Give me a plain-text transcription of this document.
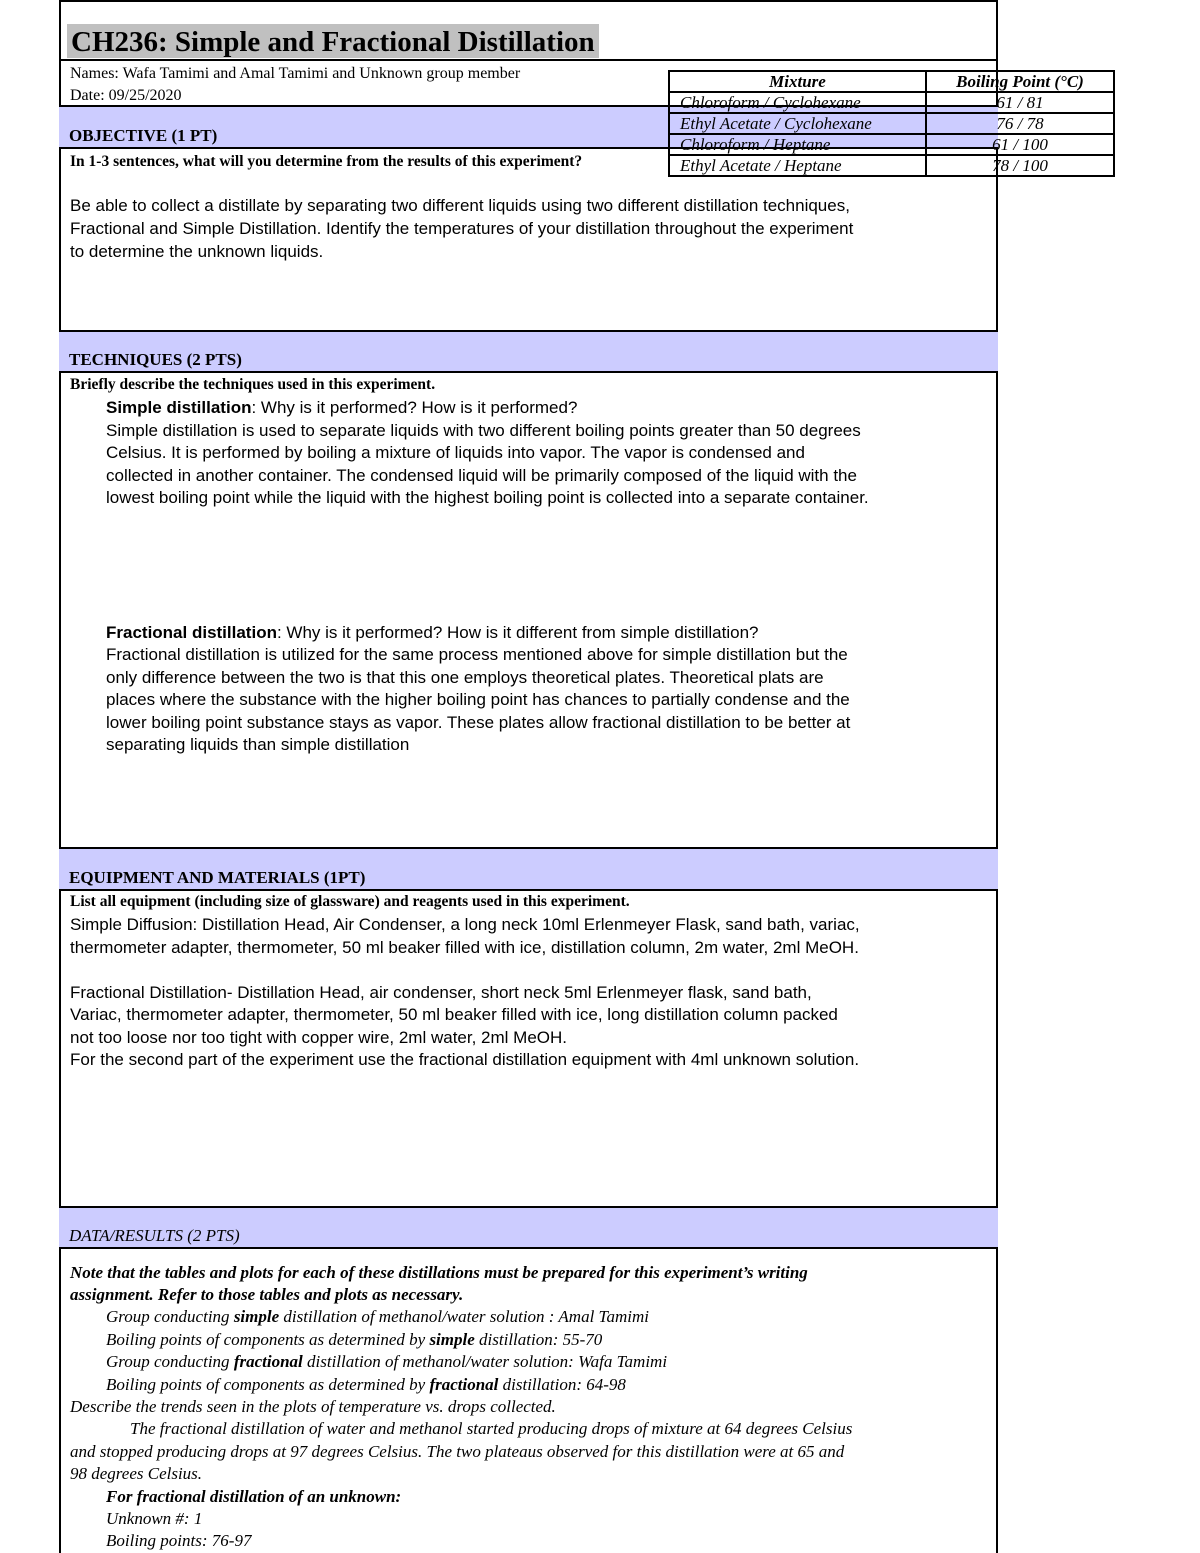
CH236: Simple and Fractional Distillation
Names: Wafa Tamimi and Amal Tamimi and Unknown group member
Date: 09/25/2020
OBJECTIVE (1 PT)
In 1-3 sentences, what will you determine from the results of this experiment?
Be able to collect a distillate by separating two different liquids using two different distillation techniques,
Fractional and Simple Distillation. Identify the temperatures of your distillation throughout the experiment
to determine the unknown liquids.
Mixture	Boiling Point (°C)
Chloroform / Cyclohexane	61 / 81
Ethyl Acetate / Cyclohexane	76 / 78
Chloroform / Heptane	61 / 100
Ethyl Acetate / Heptane	78 / 100
TECHNIQUES (2 PTS)
Briefly describe the techniques used in this experiment.
Simple distillation: Why is it performed? How is it performed?
Simple distillation is used to separate liquids with two different boiling points greater than 50 degrees
Celsius. It is performed by boiling a mixture of liquids into vapor. The vapor is condensed and
collected in another container. The condensed liquid will be primarily composed of the liquid with the
lowest boiling point while the liquid with the highest boiling point is collected into a separate container.
Fractional distillation: Why is it performed? How is it different from simple distillation?
Fractional distillation is utilized for the same process mentioned above for simple distillation but the
only difference between the two is that this one employs theoretical plates. Theoretical plats are
places where the substance with the higher boiling point has chances to partially condense and the
lower boiling point substance stays as vapor. These plates allow fractional distillation to be better at
separating liquids than simple distillation
EQUIPMENT AND MATERIALS (1PT)
List all equipment (including size of glassware) and reagents used in this experiment.
Simple Diffusion: Distillation Head, Air Condenser, a long neck 10ml Erlenmeyer Flask, sand bath, variac,
thermometer adapter, thermometer, 50 ml beaker filled with ice, distillation column, 2m water, 2ml MeOH.
Fractional Distillation- Distillation Head, air condenser, short neck 5ml Erlenmeyer flask, sand bath,
Variac, thermometer adapter, thermometer, 50 ml beaker filled with ice, long distillation column packed
not too loose nor too tight with copper wire, 2ml water, 2ml MeOH.
For the second part of the experiment use the fractional distillation equipment with 4ml unknown solution.
DATA/RESULTS (2 PTS)
Note that the tables and plots for each of these distillations must be prepared for this experiment’s writing
assignment. Refer to those tables and plots as necessary.
Group conducting simple distillation of methanol/water solution : Amal Tamimi
Boiling points of components as determined by simple distillation: 55-70
Group conducting fractional distillation of methanol/water solution: Wafa Tamimi
Boiling points of components as determined by fractional distillation: 64-98
Describe the trends seen in the plots of temperature vs. drops collected.
The fractional distillation of water and methanol started producing drops of mixture at 64 degrees Celsius
and stopped producing drops at 97 degrees Celsius. The two plateaus observed for this distillation were at 65 and
98 degrees Celsius.
For fractional distillation of an unknown:
Unknown #: 1
Boiling points: 76-97
